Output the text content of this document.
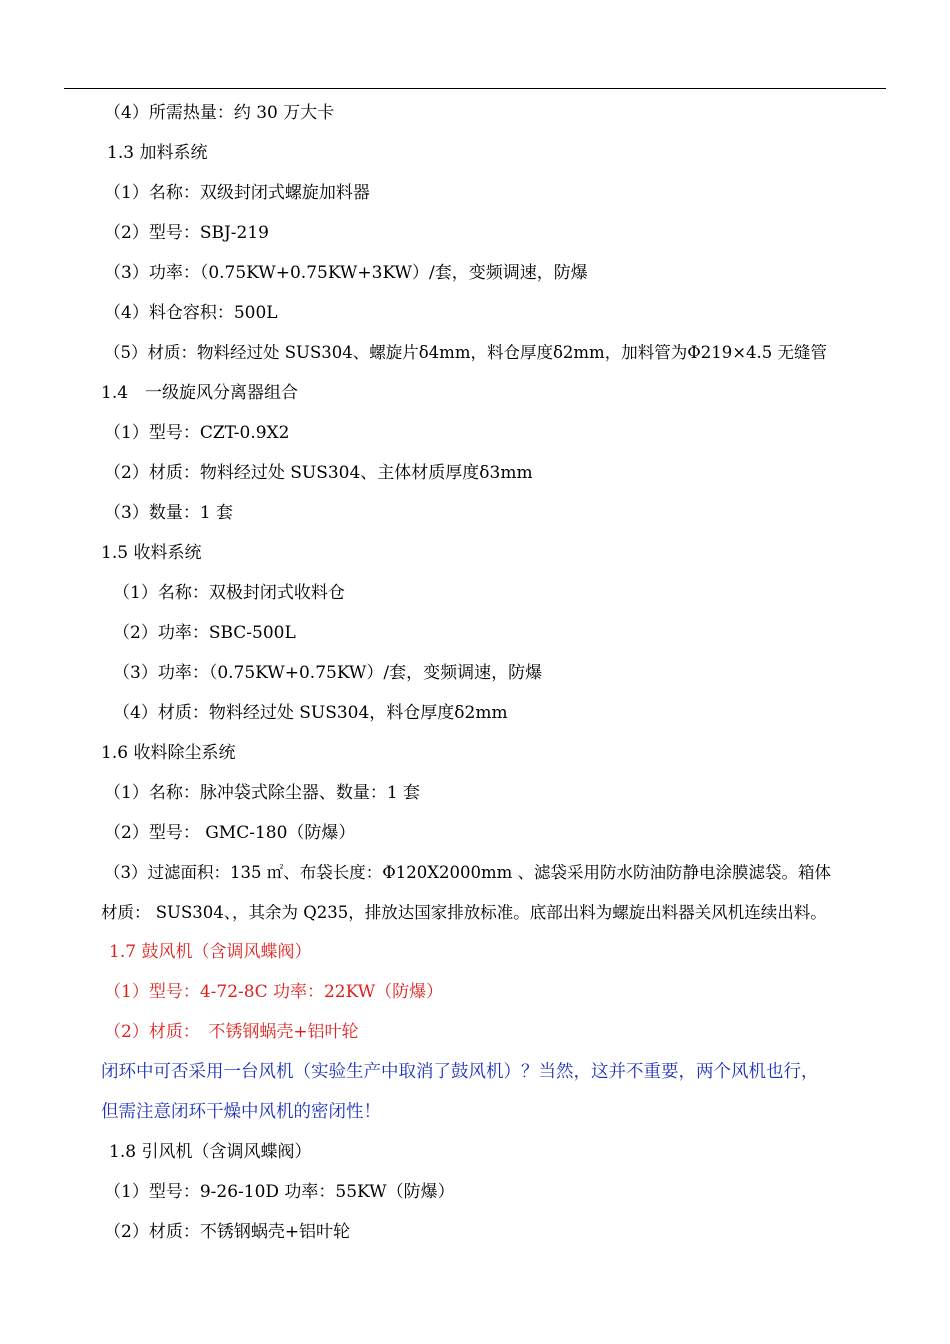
（4）所需热量：约 30 万大卡
1.3 加料系统
（1）名称：双级封闭式螺旋加料器
（2）型号：SBJ-219
（3）功率：（0.75KW+0.75KW+3KW）/套，变频调速，防爆
（4）料仓容积：500L
（5）材质：物料经过处 SUS304、螺旋片δ4mm，料仓厚度δ2mm，加料管为Φ219×4.5 无缝管
1.4　一级旋风分离器组合
（1）型号：CZT-0.9X2
（2）材质：物料经过处 SUS304、主体材质厚度δ3mm
（3）数量：1 套
1.5 收料系统
（1）名称：双极封闭式收料仓
（2）功率：SBC-500L
（3）功率：（0.75KW+0.75KW）/套，变频调速，防爆
（4）材质：物料经过处 SUS304，料仓厚度δ2mm
1.6 收料除尘系统
（1）名称：脉冲袋式除尘器、数量：1 套
（2）型号： GMC-180（防爆）
（3）过滤面积：135 ㎡、布袋长度：Φ120X2000mm 、滤袋采用防水防油防静电涂膜滤袋。箱体
材质： SUS304、，其余为 Q235，排放达国家排放标准。底部出料为螺旋出料器关风机连续出料。
1.7 鼓风机（含调风蝶阀）
（1）型号：4-72-8C 功率：22KW（防爆）
（2）材质：　不锈钢蜗壳+铝叶轮
闭环中可否采用一台风机（实验生产中取消了鼓风机）？当然，这并不重要，两个风机也行，
但需注意闭环干燥中风机的密闭性！
1.8 引风机（含调风蝶阀）
（1）型号：9-26-10D 功率：55KW（防爆）
（2）材质：不锈钢蜗壳+铝叶轮
